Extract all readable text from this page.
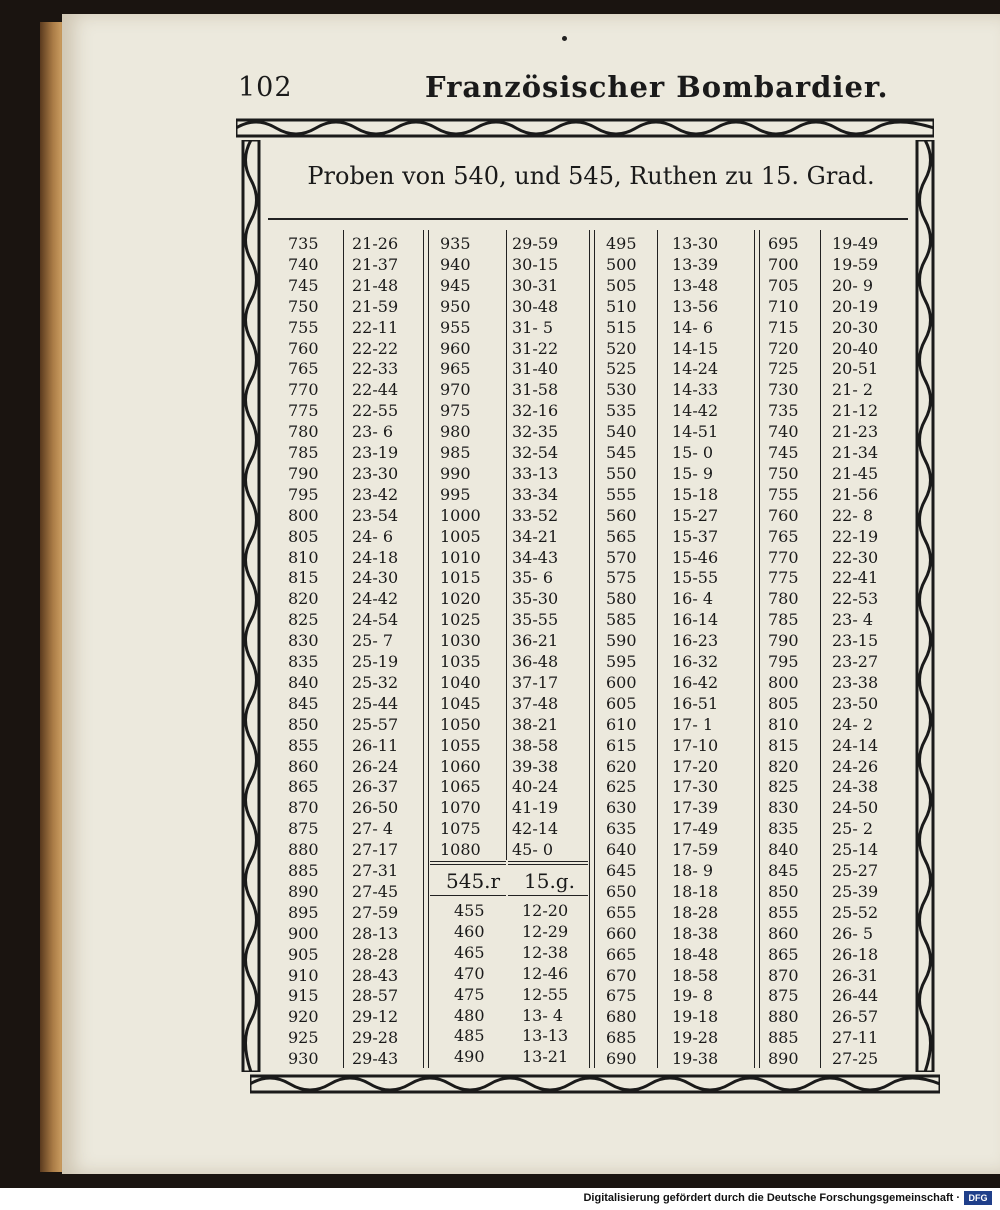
102	Französischer Bombardier.
Proben von 540, und 545, Ruthen zu 15. Grad.
735	21-26
740	21-37
745	21-48
750	21-59
755	22-11
760	22-22
765	22-33
770	22-44
775	22-55
780	23- 6
785	23-19
790	23-30
795	23-42
800	23-54
805	24- 6
810	24-18
815	24-30
820	24-42
825	24-54
830	25- 7
835	25-19
840	25-32
845	25-44
850	25-57
855	26-11
860	26-24
865	26-37
870	26-50
875	27- 4
880	27-17
885	27-31
890	27-45
895	27-59
900	28-13
905	28-28
910	28-43
915	28-57
920	29-12
925	29-28
930	29-43
935	29-59
940	30-15
945	30-31
950	30-48
955	31- 5
960	31-22
965	31-40
970	31-58
975	32-16
980	32-35
985	32-54
990	33-13
995	33-34
1000	33-52
1005	34-21
1010	34-43
1015	35- 6
1020	35-30
1025	35-55
1030	36-21
1035	36-48
1040	37-17
1045	37-48
1050	38-21
1055	38-58
1060	39-38
1065	40-24
1070	41-19
1075	42-14
1080	45- 0
545.r 15.g.
455	12-20
460	12-29
465	12-38
470	12-46
475	12-55
480	13- 4
485	13-13
490	13-21
495	13-30
500	13-39
505	13-48
510	13-56
515	14- 6
520	14-15
525	14-24
530	14-33
535	14-42
540	14-51
545	15- 0
550	15- 9
555	15-18
560	15-27
565	15-37
570	15-46
575	15-55
580	16- 4
585	16-14
590	16-23
595	16-32
600	16-42
605	16-51
610	17- 1
615	17-10
620	17-20
625	17-30
630	17-39
635	17-49
640	17-59
645	18- 9
650	18-18
655	18-28
660	18-38
665	18-48
670	18-58
675	19- 8
680	19-18
685	19-28
690	19-38
695	19-49
700	19-59
705	20- 9
710	20-19
715	20-30
720	20-40
725	20-51
730	21- 2
735	21-12
740	21-23
745	21-34
750	21-45
755	21-56
760	22- 8
765	22-19
770	22-30
775	22-41
780	22-53
785	23- 4
790	23-15
795	23-27
800	23-38
805	23-50
810	24- 2
815	24-14
820	24-26
825	24-38
830	24-50
835	25- 2
840	25-14
845	25-27
850	25-39
855	25-52
860	26- 5
865	26-18
870	26-31
875	26-44
880	26-57
885	27-11
890	27-25
Digitalisierung gefördert durch die Deutsche Forschungsgemeinschaft · DFG
